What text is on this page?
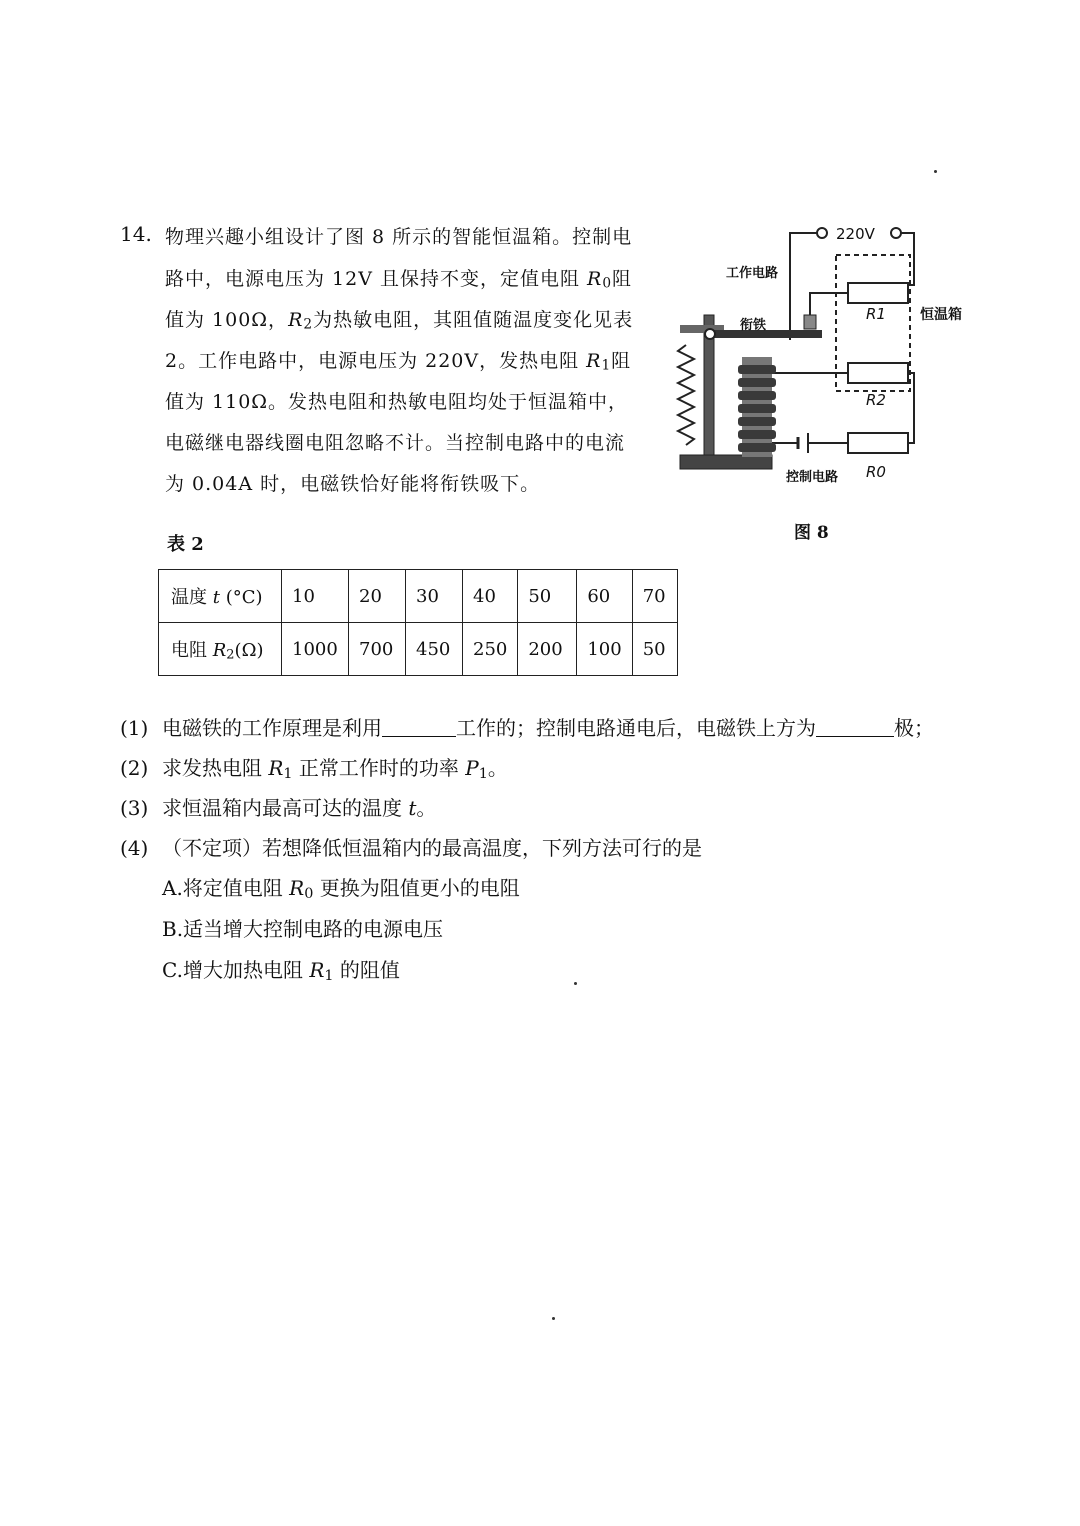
14. 物理兴趣小组设计了图 8 所示的智能恒温箱。控制电
路中，电源电压为 12V 且保持不变，定值电阻 $R_0$阻
值为 100Ω，$R_2$为热敏电阻，其阻值随温度变化见表
2。工作电路中，电源电压为 220V，发热电阻 $R_1$阻
值为 110Ω。发热电阻和热敏电阻均处于恒温箱中，
电磁继电器线圈电阻忽略不计。当控制电路中的电流
为 0.04A 时，电磁铁恰好能将衔铁吸下。
220V
工作电路
衔铁
恒温箱
R1
R2
R0
控制电路
图 8
表 2
温度 t (°C)	10	20	30	40	50	60	70
电阻 R2(Ω)	1000	700	450	250	200	100	50
(1) 电磁铁的工作原理是利用	工作的；控制电路通电后，电磁铁上方为	极；
(2) 求发热电阻 R1 正常工作时的功率 P1。
(3) 求恒温箱内最高可达的温度 t。
(4) （不定项）若想降低恒温箱内的最高温度，下列方法可行的是
A.将定值电阻 R0 更换为阻值更小的电阻
B.适当增大控制电路的电源电压
C.增大加热电阻 R1 的阻值
